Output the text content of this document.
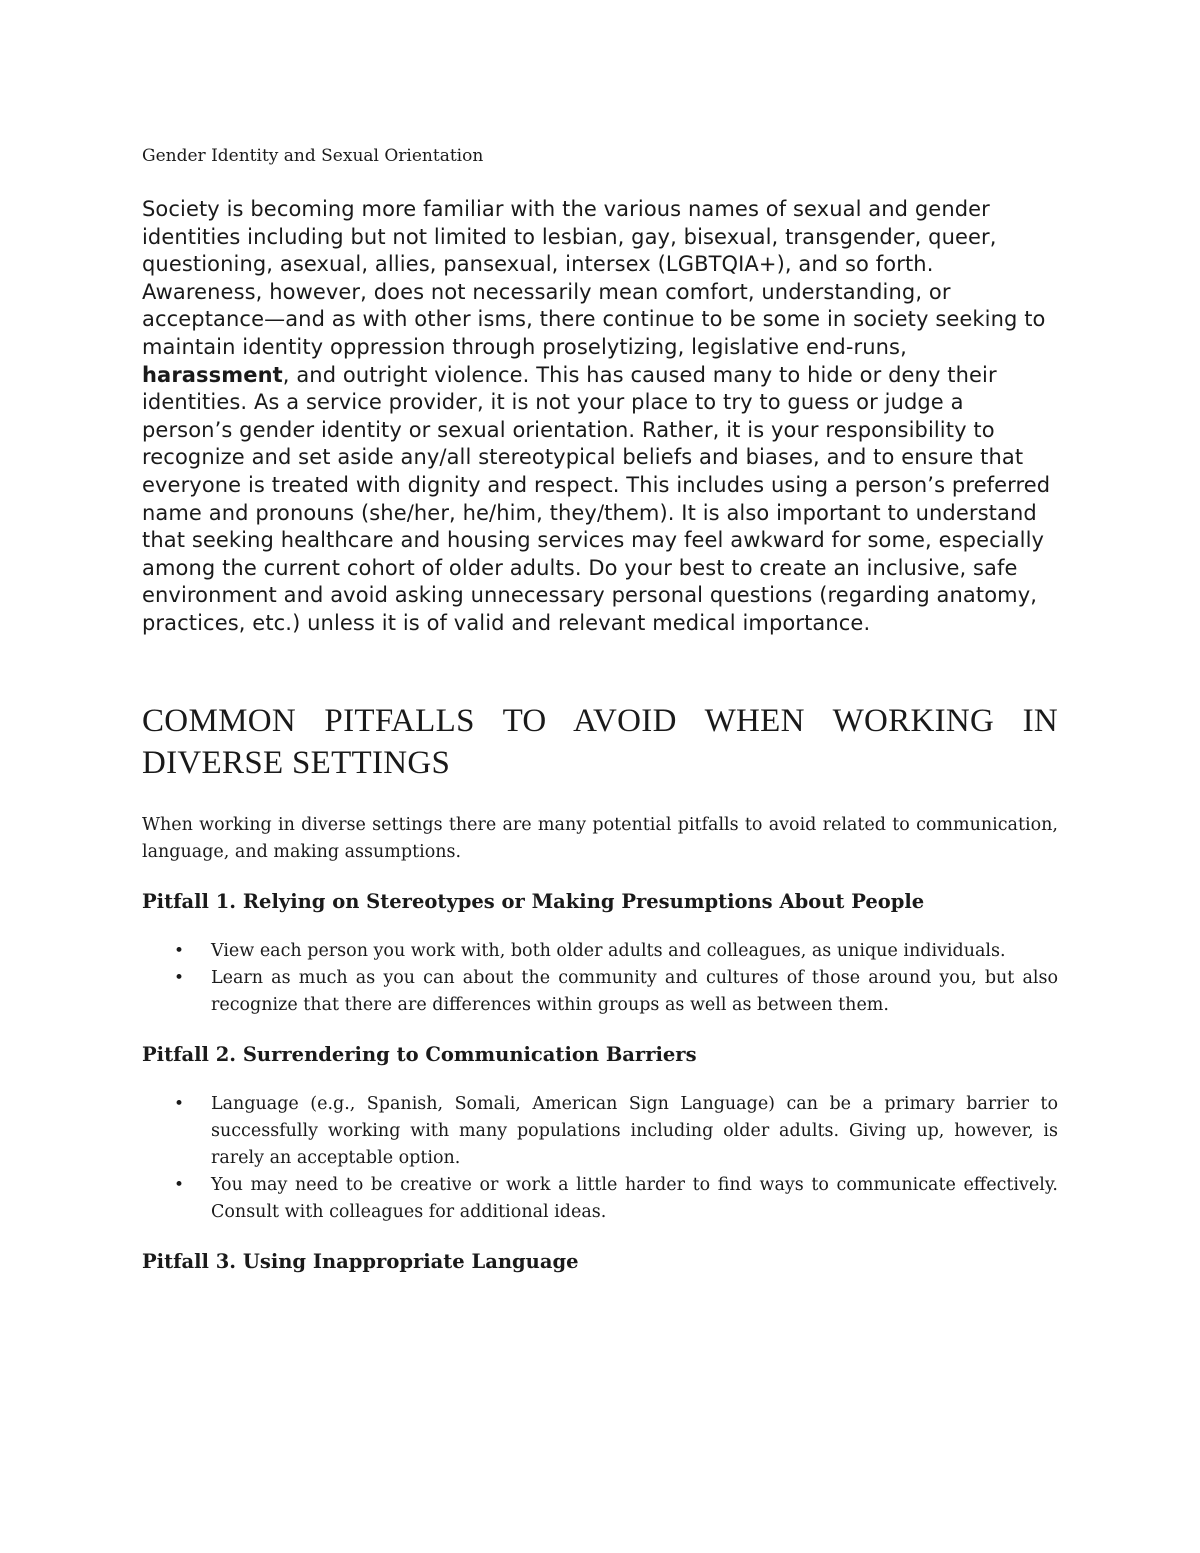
Gender Identity and Sexual Orientation

Society is becoming more familiar with the various names of sexual and gender identities including but not limited to lesbian, gay, bisexual, transgender, queer, questioning, asexual, allies, pansexual, intersex (LGBTQIA+), and so forth. Awareness, however, does not necessarily mean comfort, understanding, or acceptance—and as with other isms, there continue to be some in society seeking to maintain identity oppression through proselytizing, legislative end-runs, harassment, and outright violence. This has caused many to hide or deny their identities. As a service provider, it is not your place to try to guess or judge a person’s gender identity or sexual orientation. Rather, it is your responsibility to recognize and set aside any/all stereotypical beliefs and biases, and to ensure that everyone is treated with dignity and respect. This includes using a person’s preferred name and pronouns (she/her, he/him, they/them). It is also important to understand that seeking healthcare and housing services may feel awkward for some, especially among the current cohort of older adults. Do your best to create an inclusive, safe environment and avoid asking unnecessary personal questions (regarding anatomy, practices, etc.) unless it is of valid and relevant medical importance.

COMMON PITFALLS TO AVOID WHEN WORKING IN DIVERSE SETTINGS

When working in diverse settings there are many potential pitfalls to avoid related to communication, language, and making assumptions.

Pitfall 1. Relying on Stereotypes or Making Presumptions About People
• View each person you work with, both older adults and colleagues, as unique individuals.
• Learn as much as you can about the community and cultures of those around you, but also recognize that there are differences within groups as well as between them.
Pitfall 2. Surrendering to Communication Barriers
• Language (e.g., Spanish, Somali, American Sign Language) can be a primary barrier to successfully working with many populations including older adults. Giving up, however, is rarely an acceptable option.
• You may need to be creative or work a little harder to find ways to communicate effectively. Consult with colleagues for additional ideas.
Pitfall 3. Using Inappropriate Language
